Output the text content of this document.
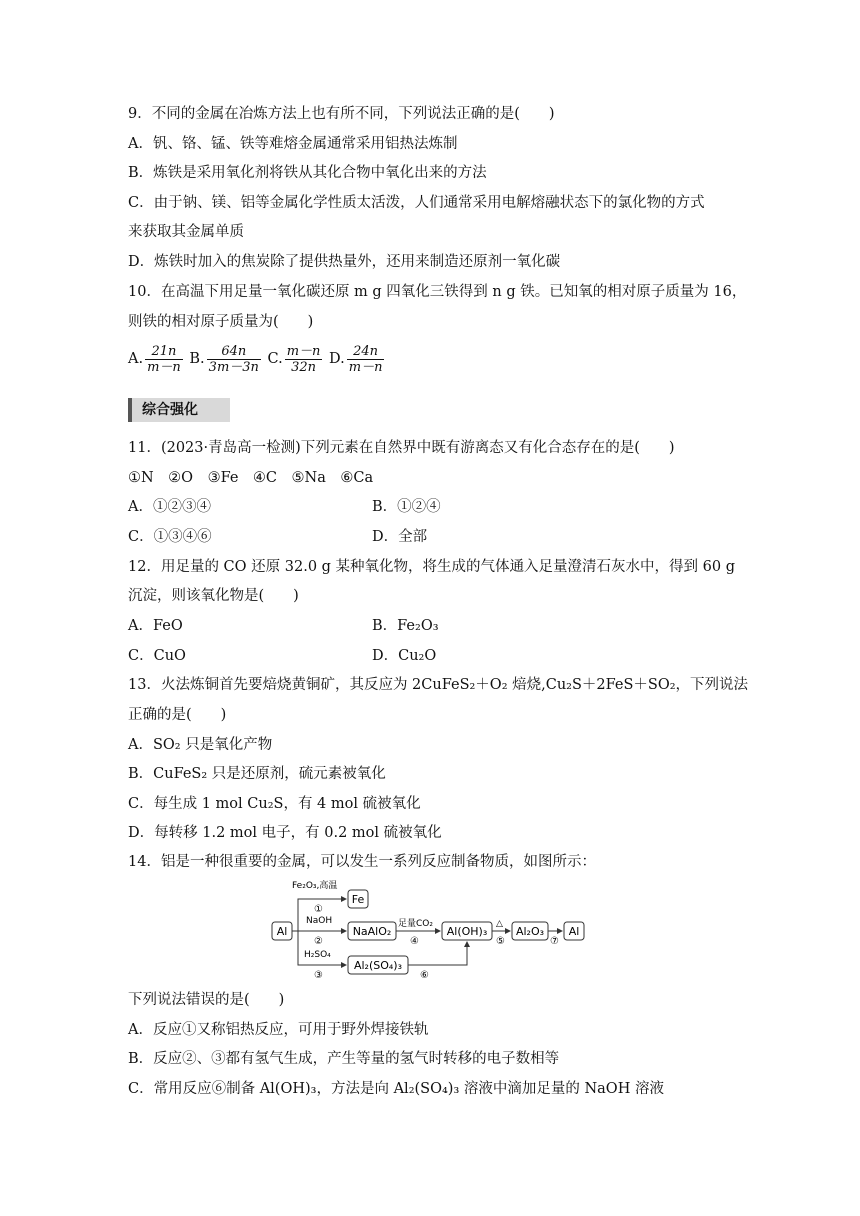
9．不同的金属在冶炼方法上也有所不同，下列说法正确的是(　　)
A．钒、铬、锰、铁等难熔金属通常采用铝热法炼制
B．炼铁是采用氧化剂将铁从其化合物中氧化出来的方法
C．由于钠、镁、铝等金属化学性质太活泼，人们通常采用电解熔融状态下的氯化物的方式
来获取其金属单质
D．炼铁时加入的焦炭除了提供热量外，还用来制造还原剂一氧化碳
10．在高温下用足量一氧化碳还原 m g 四氧化三铁得到 n g 铁。已知氧的相对原子质量为 16，
则铁的相对原子质量为(　　)
A. $\frac{21n}{m-n} B$. $\frac{64n}{3m-3n} C$. $\frac{m-n}{32n} D$. $\frac{24n}{m-n}$
综合强化
11．(2023·青岛高一检测)下列元素在自然界中既有游离态又有化合态存在的是(　　)
①N　②O　③Fe　④C　⑤Na　⑥Ca
A．①②③④	B．①②④
C．①③④⑥	D．全部
12．用足量的 CO 还原 32.0 g 某种氧化物，将生成的气体通入足量澄清石灰水中，得到 60 g
沉淀，则该氧化物是(　　)
A．FeO	B．Fe₂O₃
C．CuO	D．Cu₂O
13．火法炼铜首先要焙烧黄铜矿，其反应为 2CuFeS₂＋O₂ 焙烧,Cu₂S＋2FeS＋SO₂，下列说法
正确的是(　　)
A．SO₂ 只是氧化产物
B．CuFeS₂ 只是还原剂，硫元素被氧化
C．每生成 1 mol Cu₂S，有 4 mol 硫被氧化
D．每转移 1.2 mol 电子，有 0.2 mol 硫被氧化
14．铝是一种很重要的金属，可以发生一系列反应制备物质，如图所示：
Al
Fe
NaAlO₂	Al(OH)₃	Al₂O₃ Al
Al₂(SO₄)₃
Fe₂O₃,高温
NaOH	足量CO₂	△
H₂SO₄
①
②	④	⑤	⑦
③	⑥
下列说法错误的是(　　)
A．反应①又称铝热反应，可用于野外焊接铁轨
B．反应②、③都有氢气生成，产生等量的氢气时转移的电子数相等
C．常用反应⑥制备 Al(OH)₃，方法是向 Al₂(SO₄)₃ 溶液中滴加足量的 NaOH 溶液
